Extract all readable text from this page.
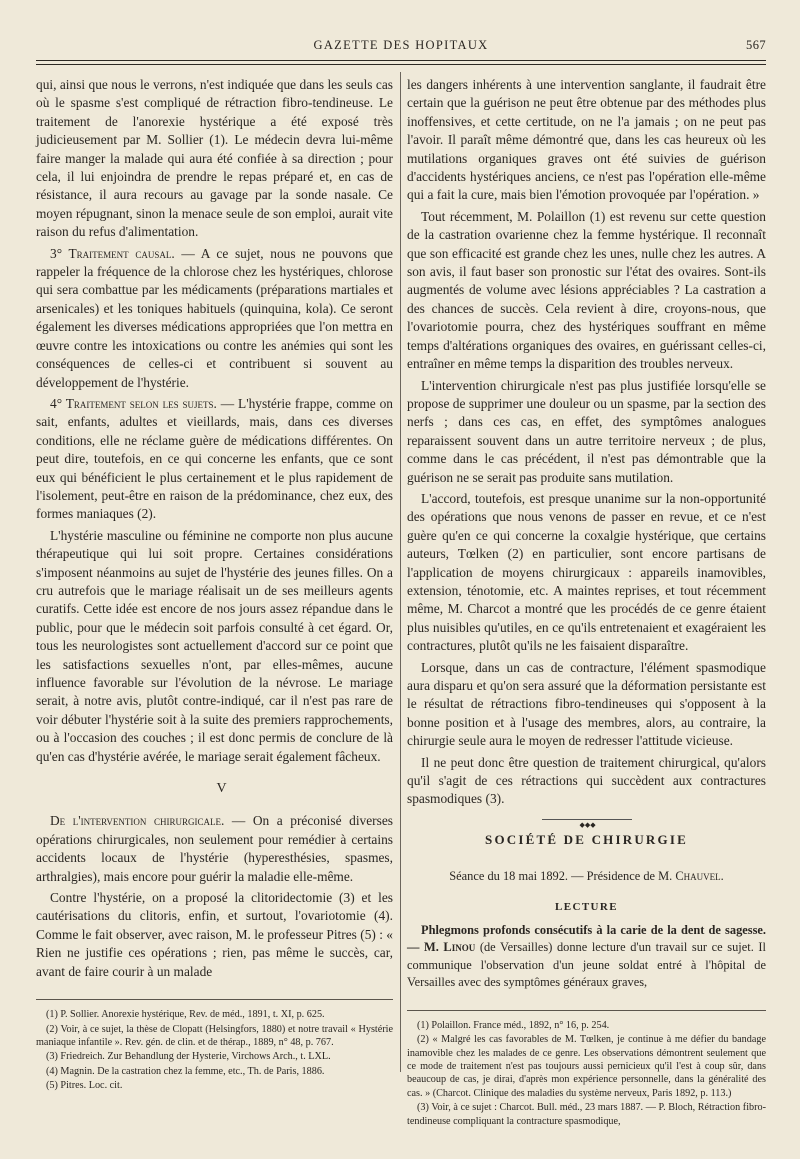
GAZETTE DES HOPITAUX	567

qui, ainsi que nous le verrons, n'est indiquée que dans les seuls cas où le spasme s'est compliqué de rétraction fibro-tendineuse. Le traitement de l'anorexie hystérique a été exposé très judicieusement par M. Sollier (1). Le médecin devra lui-même faire manger la malade qui aura été confiée à sa direction ; pour cela, il lui enjoindra de prendre le repas préparé et, en cas de résistance, il aura recours au gavage par la sonde nasale. Ce moyen répugnant, sinon la menace seule de son emploi, aurait vite raison du refus d'alimentation.

3° Traitement causal. — A ce sujet, nous ne pouvons que rappeler la fréquence de la chlorose chez les hystériques, chlorose qui sera combattue par les médicaments (préparations martiales et arsenicales) et les toniques habituels (quinquina, kola). Ce seront également les diverses médications appropriées que l'on mettra en œuvre contre les intoxications ou contre les anémies qui sont les conséquences de celles-ci et contribuent si souvent au développement de l'hystérie.

4° Traitement selon les sujets. — L'hystérie frappe, comme on sait, enfants, adultes et vieillards, mais, dans ces diverses conditions, elle ne réclame guère de médications différentes. On peut dire, toutefois, en ce qui concerne les enfants, que ce sont eux qui bénéficient le plus certainement et le plus rapidement de l'isolement, peut-être en raison de la prédominance, chez eux, des formes maniaques (2).

L'hystérie masculine ou féminine ne comporte non plus aucune thérapeutique qui lui soit propre. Certaines considérations s'imposent néanmoins au sujet de l'hystérie des jeunes filles. On a cru autrefois que le mariage réalisait un de ses meilleurs agents curatifs. Cette idée est encore de nos jours assez répandue dans le public, pour que le médecin soit parfois consulté à cet égard. Or, tous les neurologistes sont actuellement d'accord sur ce point que les satisfactions sexuelles n'ont, par elles-mêmes, aucune influence favorable sur l'évolution de la névrose. Le mariage serait, à notre avis, plutôt contre-indiqué, car il n'est pas rare de voir débuter l'hystérie soit à la suite des premiers rapprochements, ou à l'occasion des couches ; il est donc permis de conclure de là qu'en cas d'hystérie avérée, le mariage serait également fâcheux.

V

De l'intervention chirurgicale. — On a préconisé diverses opérations chirurgicales, non seulement pour remédier à certains accidents locaux de l'hystérie (hyperesthésies, spasmes, arthralgies), mais encore pour guérir la maladie elle-même.

Contre l'hystérie, on a proposé la clitoridectomie (3) et les cautérisations du clitoris, enfin, et surtout, l'ovariotomie (4). Comme le fait observer, avec raison, M. le professeur Pitres (5) : « Rien ne justifie ces opérations ; rien, pas même le succès, car, avant de faire courir à un malade

(1) P. Sollier. Anorexie hystérique, Rev. de méd., 1891, t. XI, p. 625.

(2) Voir, à ce sujet, la thèse de Clopatt (Helsingfors, 1880) et notre travail « Hystérie maniaque infantile ». Rev. gén. de clin. et de thérap., 1889, n° 48, p. 767.

(3) Friedreich. Zur Behandlung der Hysterie, Virchows Arch., t. LXL.

(4) Magnin. De la castration chez la femme, etc., Th. de Paris, 1886.

(5) Pitres. Loc. cit.

les dangers inhérents à une intervention sanglante, il faudrait être certain que la guérison ne peut être obtenue par des méthodes plus inoffensives, et cette certitude, on ne l'a jamais ; on ne peut pas l'avoir. Il paraît même démontré que, dans les cas heureux où les mutilations organiques graves ont été suivies de guérison d'accidents hystériques anciens, ce n'est pas l'opération elle-même qui a fait la cure, mais bien l'émotion provoquée par l'opération. »

Tout récemment, M. Polaillon (1) est revenu sur cette question de la castration ovarienne chez la femme hystérique. Il reconnaît que son efficacité est grande chez les unes, nulle chez les autres. A son avis, il faut baser son pronostic sur l'état des ovaires. Sont-ils augmentés de volume avec lésions appréciables ? La castration a des chances de succès. Cela revient à dire, croyons-nous, que l'ovariotomie pourra, chez des hystériques souffrant en même temps d'altérations organiques des ovaires, en guérissant celles-ci, entraîner en même temps la disparition des troubles nerveux.

L'intervention chirurgicale n'est pas plus justifiée lorsqu'elle se propose de supprimer une douleur ou un spasme, par la section des nerfs ; dans ces cas, en effet, des symptômes analogues reparaissent souvent dans un autre territoire nerveux ; de plus, comme dans le cas précédent, il n'est pas démontrable que la guérison ne se serait pas produite sans mutilation.

L'accord, toutefois, est presque unanime sur la non-opportunité des opérations que nous venons de passer en revue, et ce n'est guère qu'en ce qui concerne la coxalgie hystérique, que certains auteurs, Tœlken (2) en particulier, sont encore partisans de l'application de moyens chirurgicaux : appareils inamovibles, extension, ténotomie, etc. A maintes reprises, et tout récemment même, M. Charcot a montré que les procédés de ce genre étaient plus nuisibles qu'utiles, en ce qu'ils entretenaient et exagéraient les contractures, plutôt qu'ils ne les faisaient disparaître.

Lorsque, dans un cas de contracture, l'élément spasmodique aura disparu et qu'on sera assuré que la déformation persistante est le résultat de rétractions fibro-tendineuses qui s'opposent à la bonne position et à l'usage des membres, alors, au contraire, la chirurgie seule aura le moyen de redresser l'attitude vicieuse.

Il ne peut donc être question de traitement chirurgical, qu'alors qu'il s'agit de ces rétractions qui succèdent aux contractures spasmodiques (3).

◆◆◆
SOCIÉTÉ DE CHIRURGIE
Séance du 18 mai 1892. — Présidence de M. Chauvel.
LECTURE

Phlegmons profonds consécutifs à la carie de la dent de sagesse. — M. Linou (de Versailles) donne lecture d'un travail sur ce sujet. Il communique l'observation d'un jeune soldat entré à l'hôpital de Versailles avec des symptômes généraux graves,

(1) Polaillon. France méd., 1892, n° 16, p. 254.

(2) « Malgré les cas favorables de M. Tœlken, je continue à me défier du bandage inamovible chez les malades de ce genre. Les observations démontrent seulement que ce mode de traitement n'est pas toujours aussi pernicieux qu'il l'est à coup sûr, dans beaucoup de cas, je dirai, d'après mon expérience personnelle, dans la généralité des cas. » (Charcot. Clinique des maladies du système nerveux, Paris 1892, p. 113.)

(3) Voir, à ce sujet : Charcot. Bull. méd., 23 mars 1887. — P. Bloch, Rétraction fibro-tendineuse compliquant la contracture spasmodique,
